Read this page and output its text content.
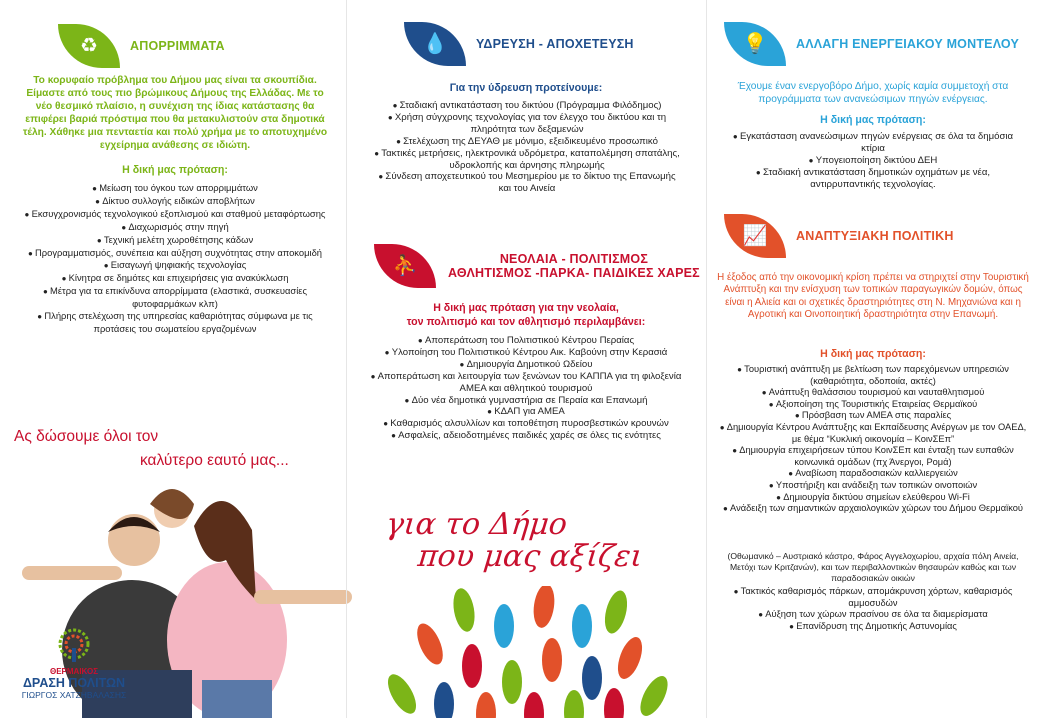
♻	ΑΠΟΡΡΙΜΜΑΤΑ
Το κορυφαίο πρόβλημα του Δήμου μας είναι τα σκουπίδια. Είμαστε από τους πιο βρώμικους Δήμους της Ελλάδας. Με το νέο θεσμικό πλαίσιο, η συνέχιση της ίδιας κατάστασης θα επιφέρει βαριά πρόστιμα που θα μετακυλιστούν στα δημοτικά τέλη. Χάθηκε μια πενταετία και πολύ χρήμα με το αποτυχημένο εγχείρημα ανάθεσης σε ιδιώτη.
Η δική μας πρόταση:
● Μείωση του όγκου των απορριμμάτων
● Δίκτυο συλλογής ειδικών αποβλήτων
● Εκσυγχρονισμός τεχνολογικού εξοπλισμού και σταθμού μεταφόρτωσης
● Διαχωρισμός στην πηγή
● Τεχνική μελέτη χωροθέτησης κάδων
● Προγραμματισμός, συνέπεια και αύξηση συχνότητας στην αποκομιδή
● Εισαγωγή ψηφιακής τεχνολογίας
● Κίνητρα σε δημότες και επιχειρήσεις για ανακύκλωση
● Μέτρα για τα επικίνδυνα απορρίμματα (ελαστικά, συσκευασίες φυτοφαρμάκων κλπ)
● Πλήρης στελέχωση της υπηρεσίας καθαριότητας σύμφωνα με τις προτάσεις του σωματείου εργαζομένων
Ας δώσουμε όλοι τον
καλύτερο εαυτό μας...
ΘΕΡΜΑΙΚΟΣ
ΔΡΑΣΗ ΠΟΛΙΤΩΝ
ΓΙΩΡΓΟΣ ΧΑΤΖΗΒΑΛΑΣΗΣ
💧 ΥΔΡΕΥΣΗ - ΑΠΟΧΕΤΕΥΣΗ
Για την ύδρευση προτείνουμε:
● Σταδιακή αντικατάσταση του δικτύου (Πρόγραμμα Φιλόδημος)
● Χρήση σύγχρονης τεχνολογίας για τον έλεγχο του δικτύου και τη πληρότητα των δεξαμενών
● Στελέχωση της ΔΕΥΑΘ με μόνιμο, εξειδικευμένο προσωπικό
● Τακτικές μετρήσεις, ηλεκτρονικά υδρόμετρα, καταπολέμηση σπατάλης, υδροκλοπής και άρνησης πληρωμής
● Σύνδεση αποχετευτικού του Μεσημερίου με το δίκτυο της Επανωμής και του Αινεία
⛹	ΝΕΟΛΑΙΑ - ΠΟΛΙΤΙΣΜΟΣ
ΑΘΛΗΤΙΣΜΟΣ -ΠΑΡΚΑ- ΠΑΙΔΙΚΕΣ ΧΑΡΕΣ
Η δική μας πρόταση για την νεολαία,
τον πολιτισμό και τον αθλητισμό περιλαμβάνει:
● Αποπεράτωση του Πολιτιστικού Κέντρου Περαίας
● Υλοποίηση του Πολιτιστικού Κέντρου Αικ. Καβούνη στην Κερασιά
● Δημιουργία Δημοτικού Ωδείου
● Αποπεράτωση και λειτουργία των ξενώνων του ΚΑΠΠΑ για τη φιλοξενία ΑΜΕΑ και αθλητικού τουρισμού
● Δύο νέα δημοτικά γυμναστήρια σε Περαία και Επανωμή
● ΚΔΑΠ για ΑΜΕΑ
● Καθαρισμός αλσυλλίων και τοποθέτηση πυροσβεστικών κρουνών
● Ασφαλείς, αδειοδοτημένες παιδικές χαρές σε όλες τις ενότητες
για το Δήμο
που μας αξίζει
💡 ΑΛΛΑΓΗ ΕΝΕΡΓΕΙΑΚΟΥ ΜΟΝΤΕΛΟΥ
Έχουμε έναν ενεργοβόρο Δήμο, χωρίς καμία συμμετοχή στα προγράμματα των ανανεώσιμων πηγών ενέργειας.
Η δική μας πρόταση:
● Εγκατάσταση ανανεώσιμων πηγών ενέργειας σε όλα τα δημόσια κτίρια
● Υπογειοποίηση δικτύου ΔΕΗ
● Σταδιακή αντικατάσταση δημοτικών οχημάτων με νέα, αντιρρυπαντικής τεχνολογίας.
📈 ΑΝΑΠΤΥΞΙΑΚΗ ΠΟΛΙΤΙΚΗ
Η έξοδος από την οικονομική κρίση πρέπει να στηριχτεί στην Τουριστική Ανάπτυξη και την ενίσχυση των τοπικών παραγωγικών δομών, όπως είναι η Αλιεία και οι σχετικές δραστηριότητες στη Ν. Μηχανιώνα και η Αγροτική και Οινοποιητική δραστηριότητα στην Επανωμή.
Η δική μας πρόταση:
● Τουριστική ανάπτυξη με βελτίωση των παρεχόμενων υπηρεσιών (καθαριότητα, οδοποιία, ακτές)
● Ανάπτυξη θαλάσσιου τουρισμού και ναυταθλητισμού
● Αξιοποίηση της Τουριστικής Εταιρείας Θερμαϊκού
● Πρόσβαση των ΑΜΕΑ στις παραλίες
● Δημιουργία Κέντρου Ανάπτυξης και Εκπαίδευσης Ανέργων με τον ΟΑΕΔ, με θέμα “Κυκλική οικονομία – ΚοινΣΕπ”
● Δημιουργία επιχειρήσεων τύπου ΚοινΣΕπ και ένταξη των ευπαθών κοινωνικά ομάδων (πχ Άνεργοι, Ρομά)
● Αναβίωση παραδοσιακών καλλιεργειών
● Υποστήριξη και ανάδειξη των τοπικών οινοποιών
● Δημιουργία δικτύου σημείων ελεύθερου Wi-Fi
● Ανάδειξη των σημαντικών αρχαιολογικών χώρων του Δήμου Θερμαϊκού
(Οθωμανικό – Αυστριακό κάστρο, Φάρος Αγγελοχωρίου, αρχαία πόλη Αινεία, Μετόχι των Κριτζανών), και των περιβαλλοντικών θησαυρών καθώς και των παραδοσιακών οικιών
● Τακτικός καθαρισμός πάρκων, απομάκρυνση χόρτων, καθαρισμός αμμοσυδών
● Αύξηση των χώρων πρασίνου σε όλα τα διαμερίσματα
● Επανίδρυση της Δημοτικής Αστυνομίας
